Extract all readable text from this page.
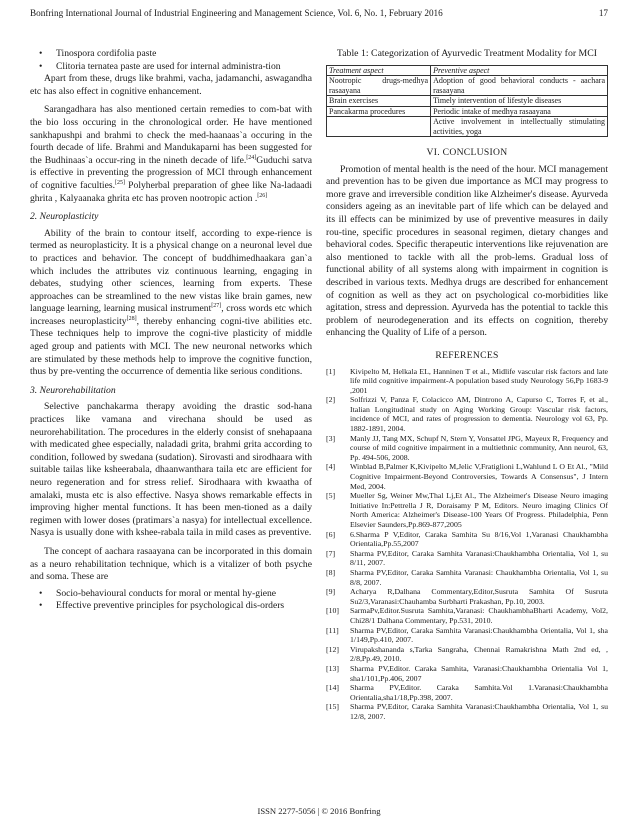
Bonfring International Journal of Industrial Engineering and Management Science, Vol. 6, No. 1, February 2016	17
• Tinospora cordifolia paste
• Clitoria ternatea paste are used for internal administra-tion

Apart from these, drugs like brahmi, vacha, jadamanchi, aswagandha etc has also effect in cognitive enhancement.

Sarangadhara has also mentioned certain remedies to com-bat with the bio loss occuring in the chronological order. He have mentioned sankhapushpi and brahmi to check the med-haanaas`a occuring in the fourth decade of life. Brahmi and Mandukaparni has been suggested for the Budhinaas`a occur-ring in the nineth decade of life.[24]Guduchi satva is effective in preventing the progression of MCI through enhancement of cognitive faculties.[25] Polyherbal preparation of ghee like Na-ladaadi ghrita , Kalyaanaka ghrita etc has proven nootropic action .[26]

2. Neuroplasticity

Ability of the brain to contour itself, according to expe-rience is termed as neuroplasticity. It is a physical change on a neuronal level due to practices and behavior. The concept of buddhimedhaakara gan`a which includes the attributes viz continuous learning, engaging in debates, studying other sciences, learning from experts. These approaches can be streamlined to the new vistas like brain games, new language learning, learning musical instrument[27], cross words etc which increases neuroplasticity[28], thereby enhancing cogni-tive abilities etc. These techniques help to improve the cogni-tive plasticity of middle aged group and patients with MCI. The new neuronal networks which are stimulated by these methods help to improve the cognitive function, thus by pre-venting the occurrence of dementia like serious conditions.

3. Neurorehabilitation

Selective panchakarma therapy avoiding the drastic sod-hana practices like vamana and virechana should be used as neurorehabilitation. The procedures in the elderly consist of snehapaana with medicated ghee especially, naladadi grita, brahmi grita according to condition, followed by swedana (sudation). Sirovasti and sirodhaara with suitable tailas like ksheerabala, dhaanwanthara taila etc are efficient for neuro regeneration and for stress relief. Sirodhaara with kwaatha of amalaki, musta etc is also effective. Nasya shows remarkable effects in improving higher mental functions. It has been men-tioned as a daily regimen with lower doses (pratimars`a nasya) for intellectual excellence. Nasya is usually done with kshee-rabala taila in mild cases as preventive.

The concept of aachara rasaayana can be incorporated in this domain as a neuro rehabilitation technique, which is a vitalizer of both psyche and soma. These are

• Socio-behavioural conducts for moral or mental hy-giene
• Effective preventive principles for psychological dis-orders

Table 1: Categorization of Ayurvedic Treatment Modality for MCI

Treatment aspect	Preventive aspect
Nootropic drugs-medhya rasaayana	Adoption of good behavioral conducts - aachara rasaayana
Brain exercises	Timely intervention of lifestyle diseases
Pancakarma procedures	Periodic intake of medhya rasaayana
	Active involvement in intellectually stimulating activities, yoga

VI. CONCLUSION

Promotion of mental health is the need of the hour. MCI management and prevention has to be given due importance as MCI may progress to more grave and irreversible condition like Alzheimer's disease. Ayurveda considers ageing as an inevitable part of life which can be delayed and its ill effects can be minimized by use of preventive measures in daily rou-tine, specific procedures in seasonal regimen, dietary changes and behavioral codes. Specific therapeutic interventions like rejuvenation are also mentioned to tackle with all the prob-lems. Gradual loss of functional ability of all systems along with impairment in cognition is described in various texts. Medhya drugs are described for enhancement of cognition as well as they act on psychological co-morbidities like agitation, stress and depression. Ayurveda has the potential to tackle this problem of neurodegeneration and its effects on cognition, thereby enhancing the Quality of Life of a person.

REFERENCES

[1] Kivipelto M, Helkala EL, Hanninen T et al., Midlife vascular risk factors and late life mild cognitive impairment-A population based study Neurology 56,Pp 1683-9 ,2001
[2] Solfrizzi V, Panza F, Colacicco AM, Dintrono A, Capurso C, Torres F, et al., Italian Longitudinal study on Aging Working Group: Vascular risk factors, incidence of MCI, and rates of progression to dementia. Neurology vol 63, Pp. 1882-1891, 2004.
[3] Manly JJ, Tang MX, Schupf N, Stern Y, Vonsattel JPG, Mayeux R, Frequency and course of mild cognitive impairment in a multiethnic community, Ann neurol, 63, Pp. 494-506, 2008.
[4] Winblad B,Palmer K,Kivipelto M,Jelic V,Fratiglioni L,Wahlund L O Et Al., "Mild Cognitive Impairment-Beyond Controversies, Towards A Consensus", J Intern Med, 2004.
[5] Mueller Sg, Weiner Mw,Thal Lj,Et Al., The Alzheimer's Disease Neuro imaging Initiative In:Pettrella J R, Doraisamy P M, Editors. Neuro imaging Clinics Of North America: Alzheimer's Disease-100 Years Of Progress. Philadelphia, Penn Elsevier Saunders,Pp.869-877,2005
[6] 6.Sharma P V,Editor, Caraka Samhita Su 8/16,Vol 1,Varanasi Chaukhambha Orientalia,Pp.55,2007
[7] Sharma PV,Editor, Caraka Samhita Varanasi:Chaukhambha Orientalia, Vol 1, su 8/11, 2007.
[8] Sharma PV,Editor, Caraka Samhita Varanasi: Chaukhambha Orientalia, Vol 1, su 8/8, 2007.
[9] Acharya R,Dalhana Commentary,Editor,Susruta Samhita Of Susruta Su2/3,Varanasi:Chauhamba Surbharti Prakashan, Pp.10, 2003.
[10] SarmaPv,Editor.Susruta Samhita,Varanasi: ChaukhambhaBharti Academy, Vol2, Chi28/1 Dalhana Commentary, Pp.531, 2010.
[11] Sharma PV,Editor, Caraka Samhita Varanasi:Chaukhambha Orientalia, Vol 1, sha 1/149,Pp.410, 2007.
[12] Virupakshananda s,Tarka Sangraha, Chennai Ramakrishna Math 2nd ed, , 2/8,Pp.49, 2010.
[13] Sharma PV,Editor. Caraka Samhita, Varanasi:Chaukhambha Orientalia Vol 1, sha1/101,Pp.406, 2007
[14] Sharma PV,Editor. Caraka Samhita.Vol 1.Varanasi:Chaukhambha Orientalia,sha1/18,Pp.398, 2007.
[15] Sharma PV,Editor, Caraka Samhita Varanasi:Chaukhambha Orientalia, Vol 1, su 12/8, 2007.
ISSN 2277-5056 | © 2016 Bonfring
